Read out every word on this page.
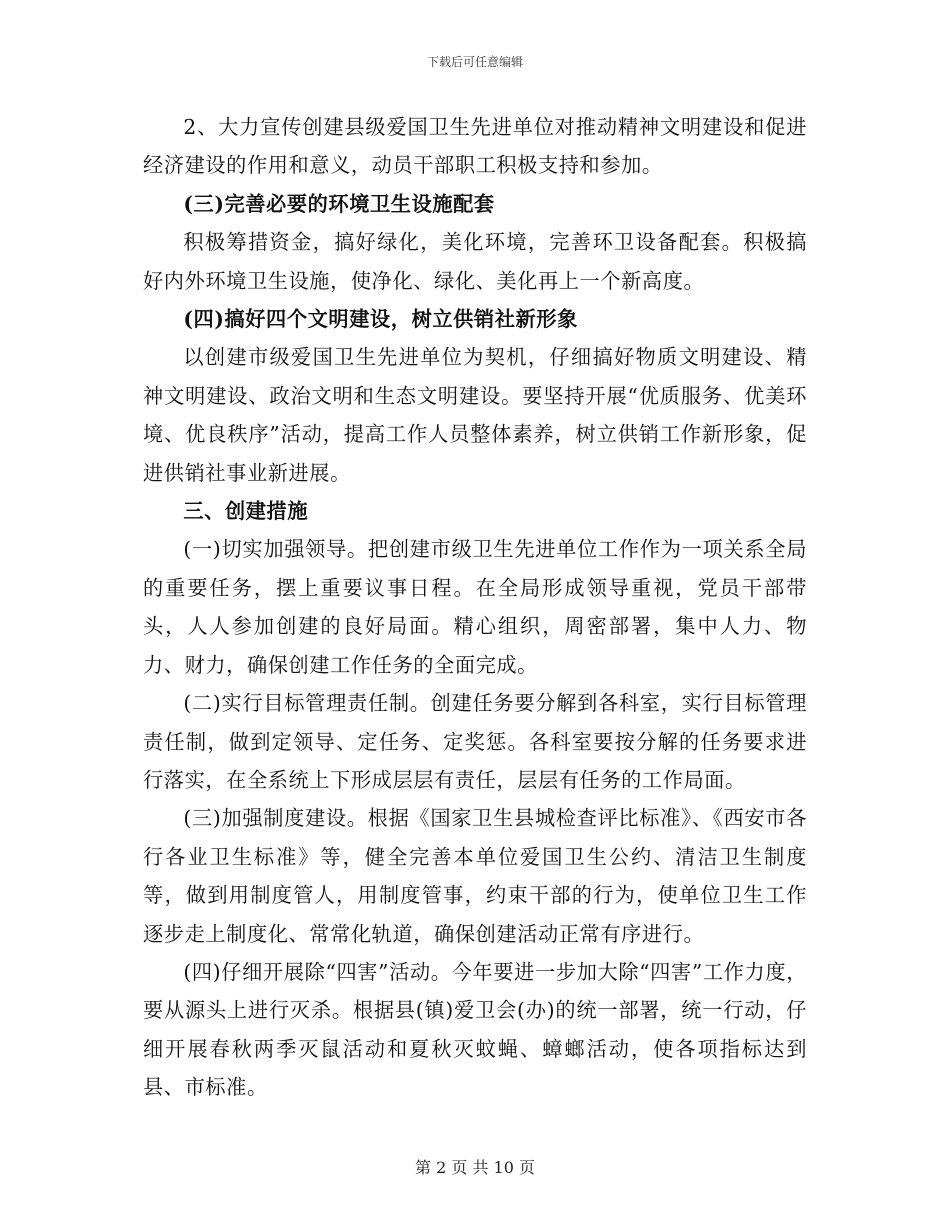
下载后可任意编辑

2、大力宣传创建县级爱国卫生先进单位对推动精神文明建设和促进经济建设的作用和意义，动员干部职工积极支持和参加。

(三)完善必要的环境卫生设施配套

积极筹措资金，搞好绿化，美化环境，完善环卫设备配套。积极搞好内外环境卫生设施，使净化、绿化、美化再上一个新高度。

(四)搞好四个文明建设，树立供销社新形象

以创建市级爱国卫生先进单位为契机，仔细搞好物质文明建设、精神文明建设、政治文明和生态文明建设。要坚持开展“优质服务、优美环境、优良秩序”活动，提高工作人员整体素养，树立供销工作新形象，促进供销社事业新进展。

三、创建措施

(一)切实加强领导。把创建市级卫生先进单位工作作为一项关系全局的重要任务，摆上重要议事日程。在全局形成领导重视，党员干部带头，人人参加创建的良好局面。精心组织，周密部署，集中人力、物力、财力，确保创建工作任务的全面完成。

(二)实行目标管理责任制。创建任务要分解到各科室，实行目标管理责任制，做到定领导、定任务、定奖惩。各科室要按分解的任务要求进行落实，在全系统上下形成层层有责任，层层有任务的工作局面。

(三)加强制度建设。根据《国家卫生县城检查评比标准》、《西安市各行各业卫生标准》等，健全完善本单位爱国卫生公约、清洁卫生制度等，做到用制度管人，用制度管事，约束干部的行为，使单位卫生工作逐步走上制度化、常常化轨道，确保创建活动正常有序进行。

(四)仔细开展除“四害”活动。今年要进一步加大除“四害”工作力度，要从源头上进行灭杀。根据县(镇)爱卫会(办)的统一部署，统一行动，仔细开展春秋两季灭鼠活动和夏秋灭蚊蝇、蟑螂活动，使各项指标达到县、市标准。

第 2 页 共 10 页
